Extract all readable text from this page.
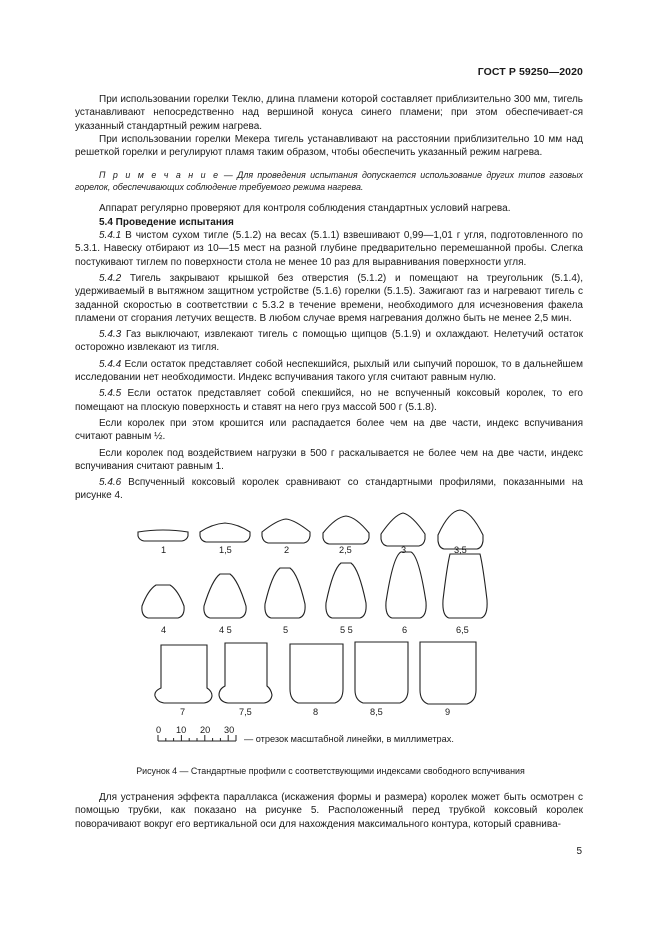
ГОСТ Р 59250—2020

При использовании горелки Теклю, длина пламени которой составляет приблизительно 300 мм, тигель устанавливают непосредственно над вершиной конуса синего пламени; при этом обеспечивает-ся указанный стандартный режим нагрева.

При использовании горелки Мекера тигель устанавливают на расстоянии приблизительно 10 мм над решеткой горелки и регулируют пламя таким образом, чтобы обеспечить указанный режим нагрева.

П р и м е ч а н и е — Для проведения испытания допускается использование других типов газовых горелок, обеспечивающих соблюдение требуемого режима нагрева.

Аппарат регулярно проверяют для контроля соблюдения стандартных условий нагрева.

5.4 Проведение испытания

5.4.1 В чистом сухом тигле (5.1.2) на весах (5.1.1) взвешивают 0,99—1,01 г угля, подготовленного по 5.3.1. Навеску отбирают из 10—15 мест на разной глубине предварительно перемешанной пробы. Слегка постукивают тиглем по поверхности стола не менее 10 раз для выравнивания поверхности угля.

5.4.2 Тигель закрывают крышкой без отверстия (5.1.2) и помещают на треугольник (5.1.4), удерживаемый в вытяжном защитном устройстве (5.1.6) горелки (5.1.5). Зажигают газ и нагревают тигель с заданной скоростью в соответствии с 5.3.2 в течение времени, необходимого для исчезновения факела пламени от сгорания летучих веществ. В любом случае время нагревания должно быть не менее 2,5 мин.

5.4.3 Газ выключают, извлекают тигель с помощью щипцов (5.1.9) и охлаждают. Нелетучий остаток осторожно извлекают из тигля.

5.4.4 Если остаток представляет собой неспекшийся, рыхлый или сыпучий порошок, то в дальнейшем исследовании нет необходимости. Индекс вспучивания такого угля считают равным нулю.

5.4.5 Если остаток представляет собой спекшийся, но не вспученный коксовый королек, то его помещают на плоскую поверхность и ставят на него груз массой 500 г (5.1.8).

Если королек при этом крошится или распадается более чем на две части, индекс вспучивания считают равным ½.

Если королек под воздействием нагрузки в 500 г раскалывается не более чем на две части, индекс вспучивания считают равным 1.

5.4.6 Вспученный коксовый королек сравнивают со стандартными профилями, показанными на рисунке 4.

1	1,5	2	2,5	3	3,5
4	4 5	5	5 5	6	6,5
7	7,5	8	8,5	9
0 10 20 30
— отрезок масштабной линейки, в миллиметрах.
Рисунок 4 — Стандартные профили с соответствующими индексами свободного вспучивания

Для устранения эффекта параллакса (искажения формы и размера) королек может быть осмотрен с помощью трубки, как показано на рисунке 5. Расположенный перед трубкой коксовый королек поворачивают вокруг его вертикальной оси для нахождения максимального контура, который сравнива-

5
